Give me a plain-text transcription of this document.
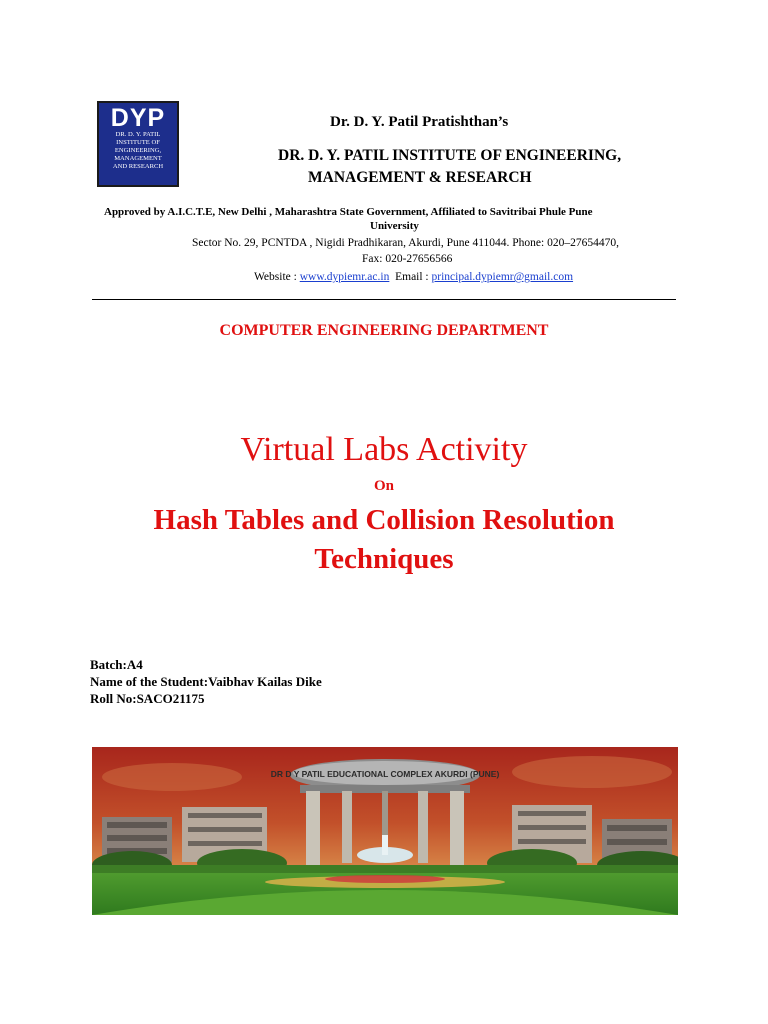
DYP
DR. D. Y. PATIL
INSTITUTE OF
ENGINEERING,
MANAGEMENT
AND RESEARCH
Dr. D. Y. Patil Pratishthan’s
DR. D. Y. PATIL INSTITUTE OF ENGINEERING,
MANAGEMENT & RESEARCH
Approved by A.I.C.T.E, New Delhi , Maharashtra State Government, Affiliated to Savitribai Phule Pune
University
Sector No. 29, PCNTDA , Nigidi Pradhikaran, Akurdi, Pune 411044. Phone: 020–27654470,
Fax: 020-27656566
Website : www.dypiemr.ac.in  Email : principal.dypiemr@gmail.com
COMPUTER ENGINEERING DEPARTMENT
Virtual Labs Activity
On
Hash Tables and Collision Resolution
Techniques
Batch:A4
Name of the Student:Vaibhav Kailas Dike
Roll No:SACO21175
DR D Y PATIL EDUCATIONAL COMPLEX AKURDI (PUNE)
